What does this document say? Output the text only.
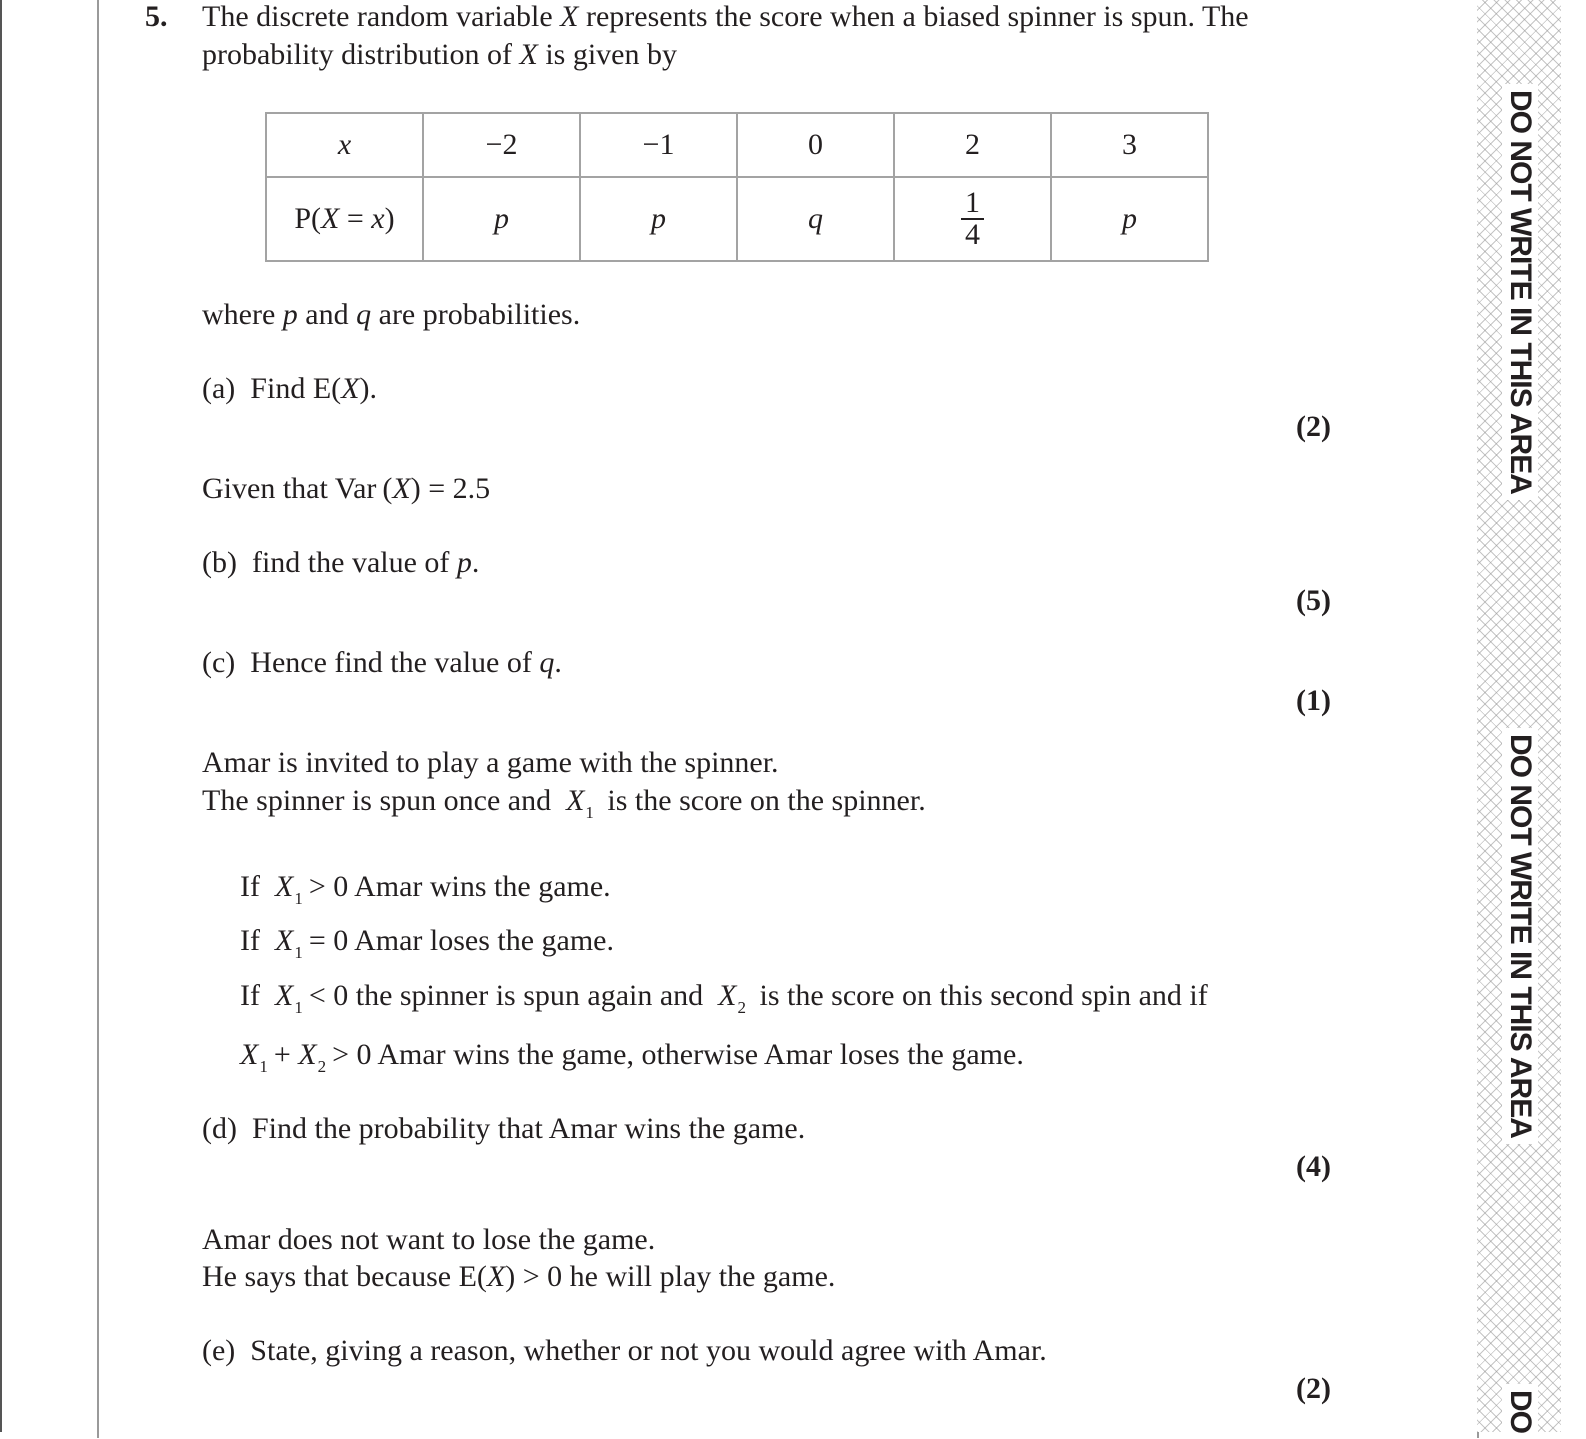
DO NOT WRITE IN THIS AREA
DO NOT WRITE IN THIS AREA
DO
5. The discrete random variable X represents the score when a biased spinner is spun. The
probability distribution of X is given by
x	−2	−1	0	2	3
P(X = x)	p	p	q	$\frac{1}{4}$	p
where p and q are probabilities.
(a) Find E(X).
(2)
Given that Var (X) = 2.5
(b) find the value of p.
(5)
(c) Hence find the value of q.
(1)
Amar is invited to play a game with the spinner.
The spinner is spun once and $X_1$ is the score on the spinner.
If $X_1 > 0$ Amar wins the game.
If $X_1 = 0$ Amar loses the game.
If $X_1 < 0$ the spinner is spun again and $X_2$ is the score on this second spin and if
$X_1 + X_2 > 0$ Amar wins the game, otherwise Amar loses the game.
(d) Find the probability that Amar wins the game.
(4)
Amar does not want to lose the game.
He says that because E(X) > 0 he will play the game.
(e) State, giving a reason, whether or not you would agree with Amar.
(2)
